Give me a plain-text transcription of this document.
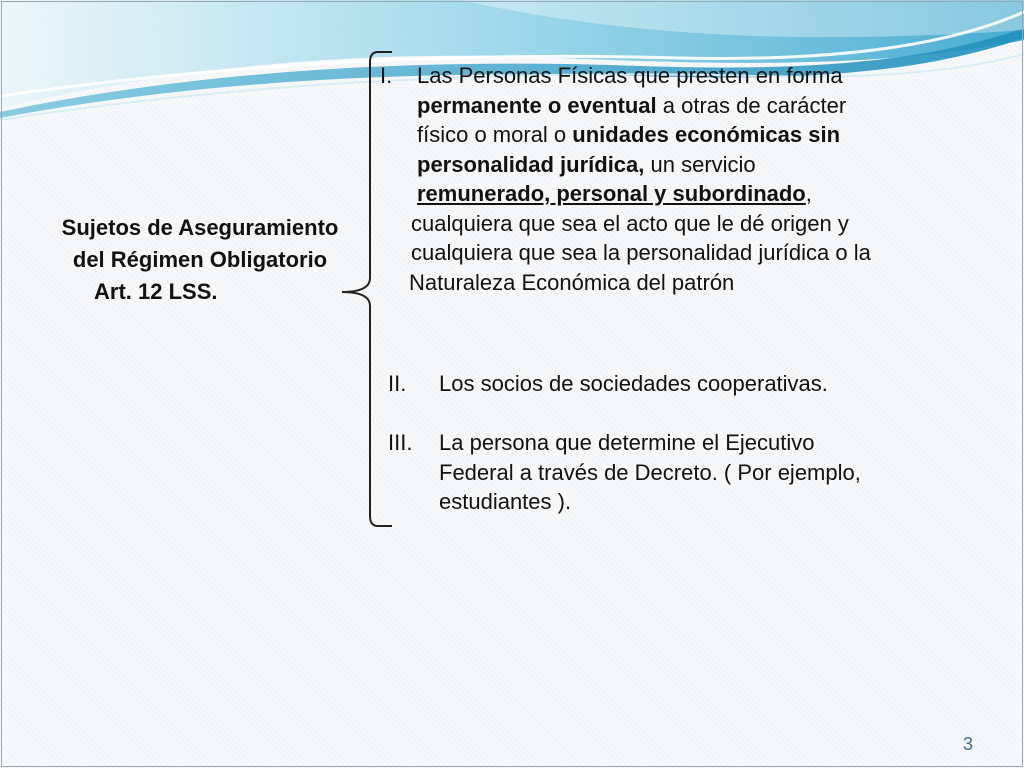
Sujetos de Aseguramiento
del Régimen Obligatorio
Art. 12 LSS.
I. Las Personas Físicas que presten en forma
permanente o eventual a otras de carácter
físico o moral o unidades económicas sin
personalidad jurídica, un servicio
remunerado, personal y subordinado,
cualquiera que sea el acto que le dé origen y
cualquiera que sea la personalidad jurídica o la
Naturaleza Económica del patrón
II. Los socios de sociedades cooperativas.
III. La persona que determine el Ejecutivo
Federal a través de Decreto. ( Por ejemplo,
estudiantes ).
3
